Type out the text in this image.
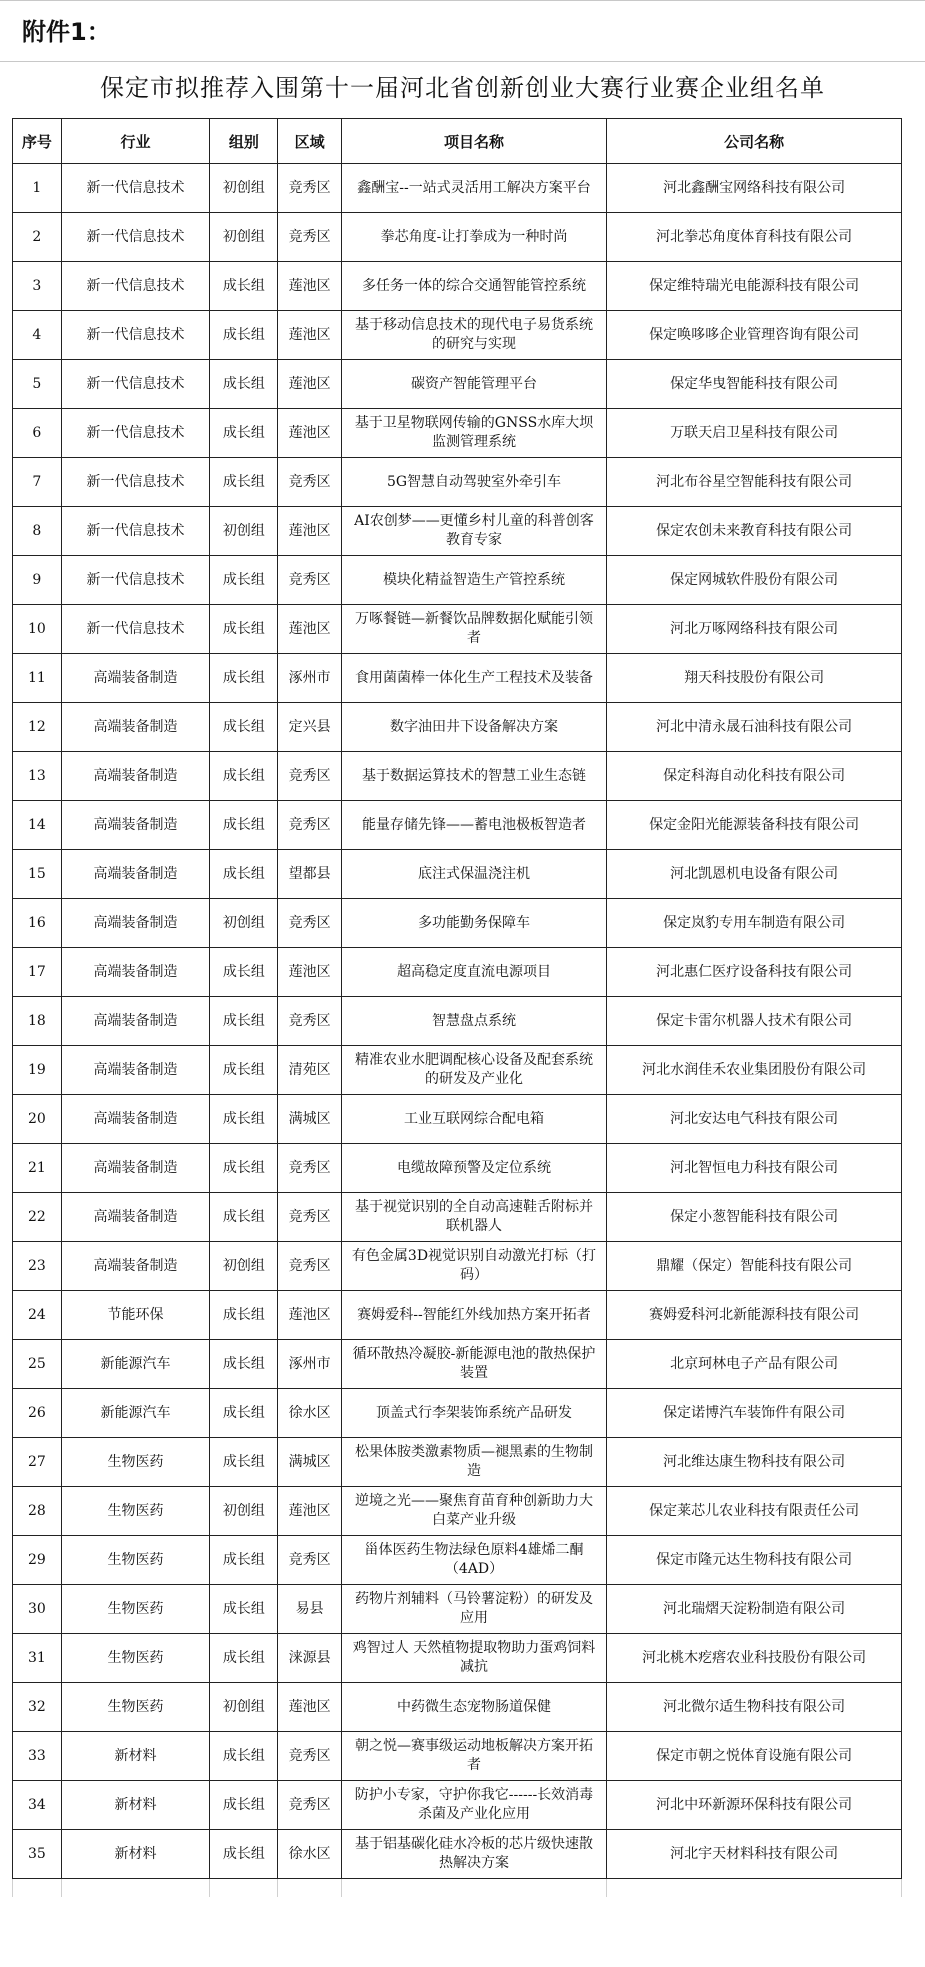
附件1：
保定市拟推荐入围第十一届河北省创新创业大赛行业赛企业组名单
序号	行业	组别	区域	项目名称	公司名称
1	新一代信息技术	初创组	竞秀区	鑫酬宝--一站式灵活用工解决方案平台	河北鑫酬宝网络科技有限公司
2	新一代信息技术	初创组	竞秀区	拳芯角度-让打拳成为一种时尚	河北拳芯角度体育科技有限公司
3	新一代信息技术	成长组	莲池区	多任务一体的综合交通智能管控系统	保定维特瑞光电能源科技有限公司
4	新一代信息技术	成长组	莲池区	基于移动信息技术的现代电子易货系统的研究与实现	保定唤哆哆企业管理咨询有限公司
5	新一代信息技术	成长组	莲池区	碳资产智能管理平台	保定华曳智能科技有限公司
6	新一代信息技术	成长组	莲池区	基于卫星物联网传输的GNSS水库大坝监测管理系统	万联天启卫星科技有限公司
7	新一代信息技术	成长组	竞秀区	5G智慧自动驾驶室外牵引车	河北布谷星空智能科技有限公司
8	新一代信息技术	初创组	莲池区	AI农创梦——更懂乡村儿童的科普创客教育专家	保定农创未来教育科技有限公司
9	新一代信息技术	成长组	竞秀区	模块化精益智造生产管控系统	保定网城软件股份有限公司
10	新一代信息技术	成长组	莲池区	万啄餐链—新餐饮品牌数据化赋能引领者	河北万啄网络科技有限公司
11	高端装备制造	成长组	涿州市	食用菌菌棒一体化生产工程技术及装备	翔天科技股份有限公司
12	高端装备制造	成长组	定兴县	数字油田井下设备解决方案	河北中清永晟石油科技有限公司
13	高端装备制造	成长组	竞秀区	基于数据运算技术的智慧工业生态链	保定科海自动化科技有限公司
14	高端装备制造	成长组	竞秀区	能量存储先锋——蓄电池极板智造者	保定金阳光能源装备科技有限公司
15	高端装备制造	成长组	望都县	底注式保温浇注机	河北凯恩机电设备有限公司
16	高端装备制造	初创组	竞秀区	多功能勤务保障车	保定岚豹专用车制造有限公司
17	高端装备制造	成长组	莲池区	超高稳定度直流电源项目	河北惠仁医疗设备科技有限公司
18	高端装备制造	成长组	竞秀区	智慧盘点系统	保定卡雷尔机器人技术有限公司
19	高端装备制造	成长组	清苑区	精准农业水肥调配核心设备及配套系统的研发及产业化	河北水润佳禾农业集团股份有限公司
20	高端装备制造	成长组	满城区	工业互联网综合配电箱	河北安达电气科技有限公司
21	高端装备制造	成长组	竞秀区	电缆故障预警及定位系统	河北智恒电力科技有限公司
22	高端装备制造	成长组	竞秀区	基于视觉识别的全自动高速鞋舌附标并联机器人	保定小葱智能科技有限公司
23	高端装备制造	初创组	竞秀区	有色金属3D视觉识别自动激光打标（打码）	鼎耀（保定）智能科技有限公司
24	节能环保	成长组	莲池区	赛姆爱科--智能红外线加热方案开拓者	赛姆爱科河北新能源科技有限公司
25	新能源汽车	成长组	涿州市	循环散热冷凝胶-新能源电池的散热保护装置	北京珂林电子产品有限公司
26	新能源汽车	成长组	徐水区	顶盖式行李架装饰系统产品研发	保定诺博汽车装饰件有限公司
27	生物医药	成长组	满城区	松果体胺类激素物质—褪黑素的生物制造	河北维达康生物科技有限公司
28	生物医药	初创组	莲池区	逆境之光——聚焦育苗育种创新助力大白菜产业升级	保定莱芯儿农业科技有限责任公司
29	生物医药	成长组	竞秀区	甾体医药生物法绿色原料4雄烯二酮（4AD）	保定市隆元达生物科技有限公司
30	生物医药	成长组	易县	药物片剂辅料（马铃薯淀粉）的研发及应用	河北瑞熠天淀粉制造有限公司
31	生物医药	成长组	涞源县	鸡智过人 天然植物提取物助力蛋鸡饲料减抗	河北桃木疙瘩农业科技股份有限公司
32	生物医药	初创组	莲池区	中药微生态宠物肠道保健	河北微尔适生物科技有限公司
33	新材料	成长组	竞秀区	朝之悦—赛事级运动地板解决方案开拓者	保定市朝之悦体育设施有限公司
34	新材料	成长组	竞秀区	防护小专家，守护你我它------长效消毒杀菌及产业化应用	河北中环新源环保科技有限公司
35	新材料	成长组	徐水区	基于铝基碳化硅水冷板的芯片级快速散热解决方案	河北宇天材料科技有限公司
